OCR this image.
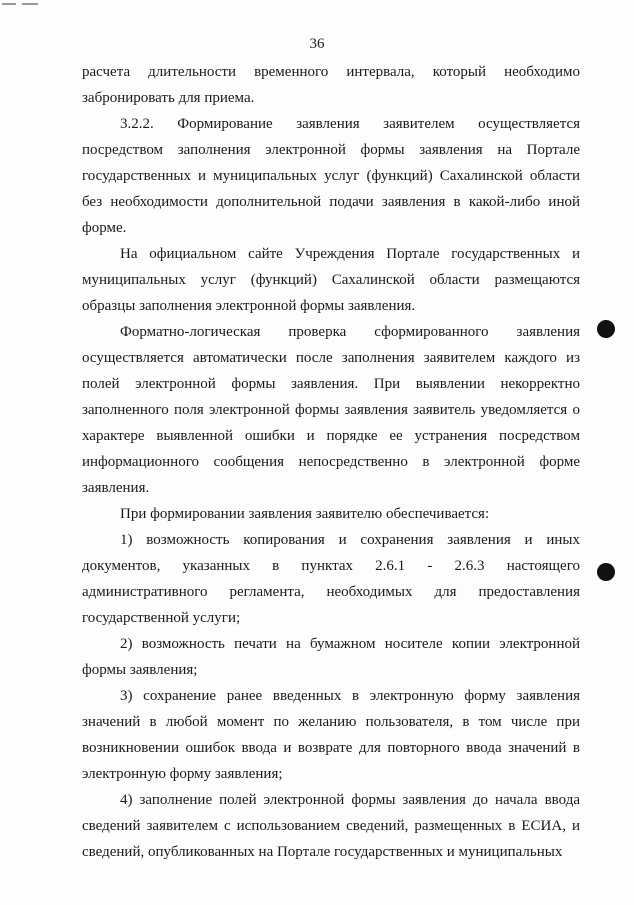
36

расчета длительности временного интервала, который необходимо забронировать для приема.

3.2.2. Формирование заявления заявителем осуществляется посредством заполнения электронной формы заявления на Портале государственных и муниципальных услуг (функций) Сахалинской области без необходимости дополнительной подачи заявления в какой-либо иной форме.

На официальном сайте Учреждения Портале государственных и муниципальных услуг (функций) Сахалинской области размещаются образцы заполнения электронной формы заявления.

Форматно-логическая проверка сформированного заявления осуществляется автоматически после заполнения заявителем каждого из полей электронной формы заявления. При выявлении некорректно заполненного поля электронной формы заявления заявитель уведомляется о характере выявленной ошибки и порядке ее устранения посредством информационного сообщения непосредственно в электронной форме заявления.

При формировании заявления заявителю обеспечивается:

1) возможность копирования и сохранения заявления и иных документов, указанных в пунктах 2.6.1 - 2.6.3 настоящего административного регламента, необходимых для предоставления государственной услуги;

2) возможность печати на бумажном носителе копии электронной формы заявления;

3) сохранение ранее введенных в электронную форму заявления значений в любой момент по желанию пользователя, в том числе при возникновении ошибок ввода и возврате для повторного ввода значений в электронную форму заявления;

4) заполнение полей электронной формы заявления до начала ввода сведений заявителем с использованием сведений, размещенных в ЕСИА, и сведений, опубликованных на Портале государственных и муниципальных
